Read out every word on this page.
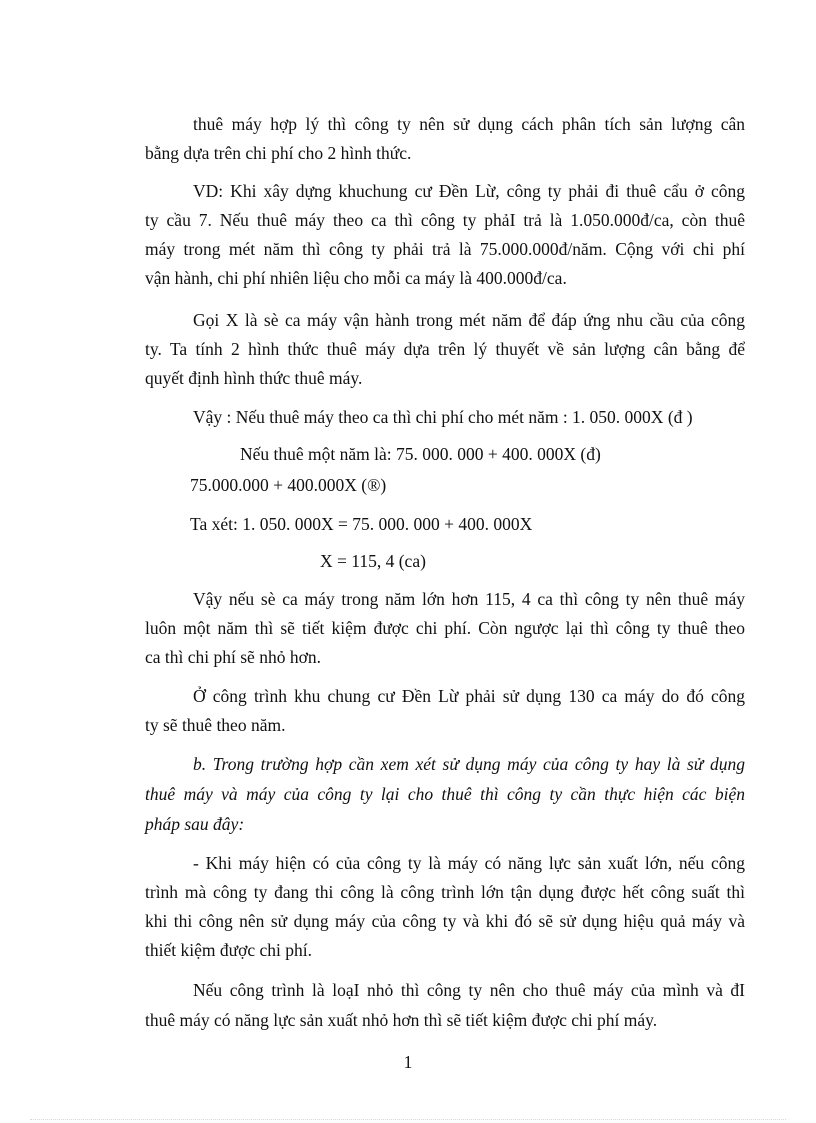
thuê máy hợp lý thì công ty nên sử dụng cách phân tích sản lượng cân
bằng dựa trên chi phí cho 2 hình thức.
VD: Khi xây dựng khuchung cư Đền Lừ, công ty phải đi thuê cẩu ở công
ty cầu 7. Nếu thuê máy theo ca thì công ty phảI trả là 1.050.000đ/ca, còn thuê
máy trong mét năm thì công ty phải trả là 75.000.000đ/năm. Cộng với chi phí
vận hành, chi phí nhiên liệu cho mỗi ca máy là 400.000đ/ca.
Gọi X là sè ca máy vận hành trong mét năm để đáp ứng nhu cầu của công
ty. Ta tính 2 hình thức thuê máy dựa trên lý thuyết về sản lượng cân bằng để
quyết định hình thức thuê máy.
Vậy : Nếu thuê máy theo ca thì chi phí cho mét năm : 1. 050. 000X (đ )
Nếu thuê một năm là: 75. 000. 000 + 400. 000X (đ)
75.000.000 + 400.000X (®)
Ta xét: 1. 050. 000X = 75. 000. 000 + 400. 000X
X = 115, 4 (ca)
Vậy nếu sè ca máy trong năm lớn hơn 115, 4 ca thì công ty nên thuê máy
luôn một năm thì sẽ tiết kiệm được chi phí. Còn ngược lại thì công ty thuê theo
ca thì chi phí sẽ nhỏ hơn.
Ở công trình khu chung cư Đền Lừ phải sử dụng 130 ca máy do đó công
ty sẽ thuê theo năm.
b. Trong trường hợp cần xem xét sử dụng máy của công ty hay là sử dụng
thuê máy và máy của công ty lại cho thuê thì công ty cần thực hiện các biện
pháp sau đây:
- Khi máy hiện có của công ty là máy có năng lực sản xuất lớn, nếu công
trình mà công ty đang thi công là công trình lớn tận dụng được hết công suất thì
khi thi công nên sử dụng máy của công ty và khi đó sẽ sử dụng hiệu quả máy và
thiết kiệm được chi phí.
Nếu công trình là loạI nhỏ thì công ty nên cho thuê máy của mình và đI
thuê máy có năng lực sản xuất nhỏ hơn thì sẽ tiết kiệm được chi phí máy.
1
